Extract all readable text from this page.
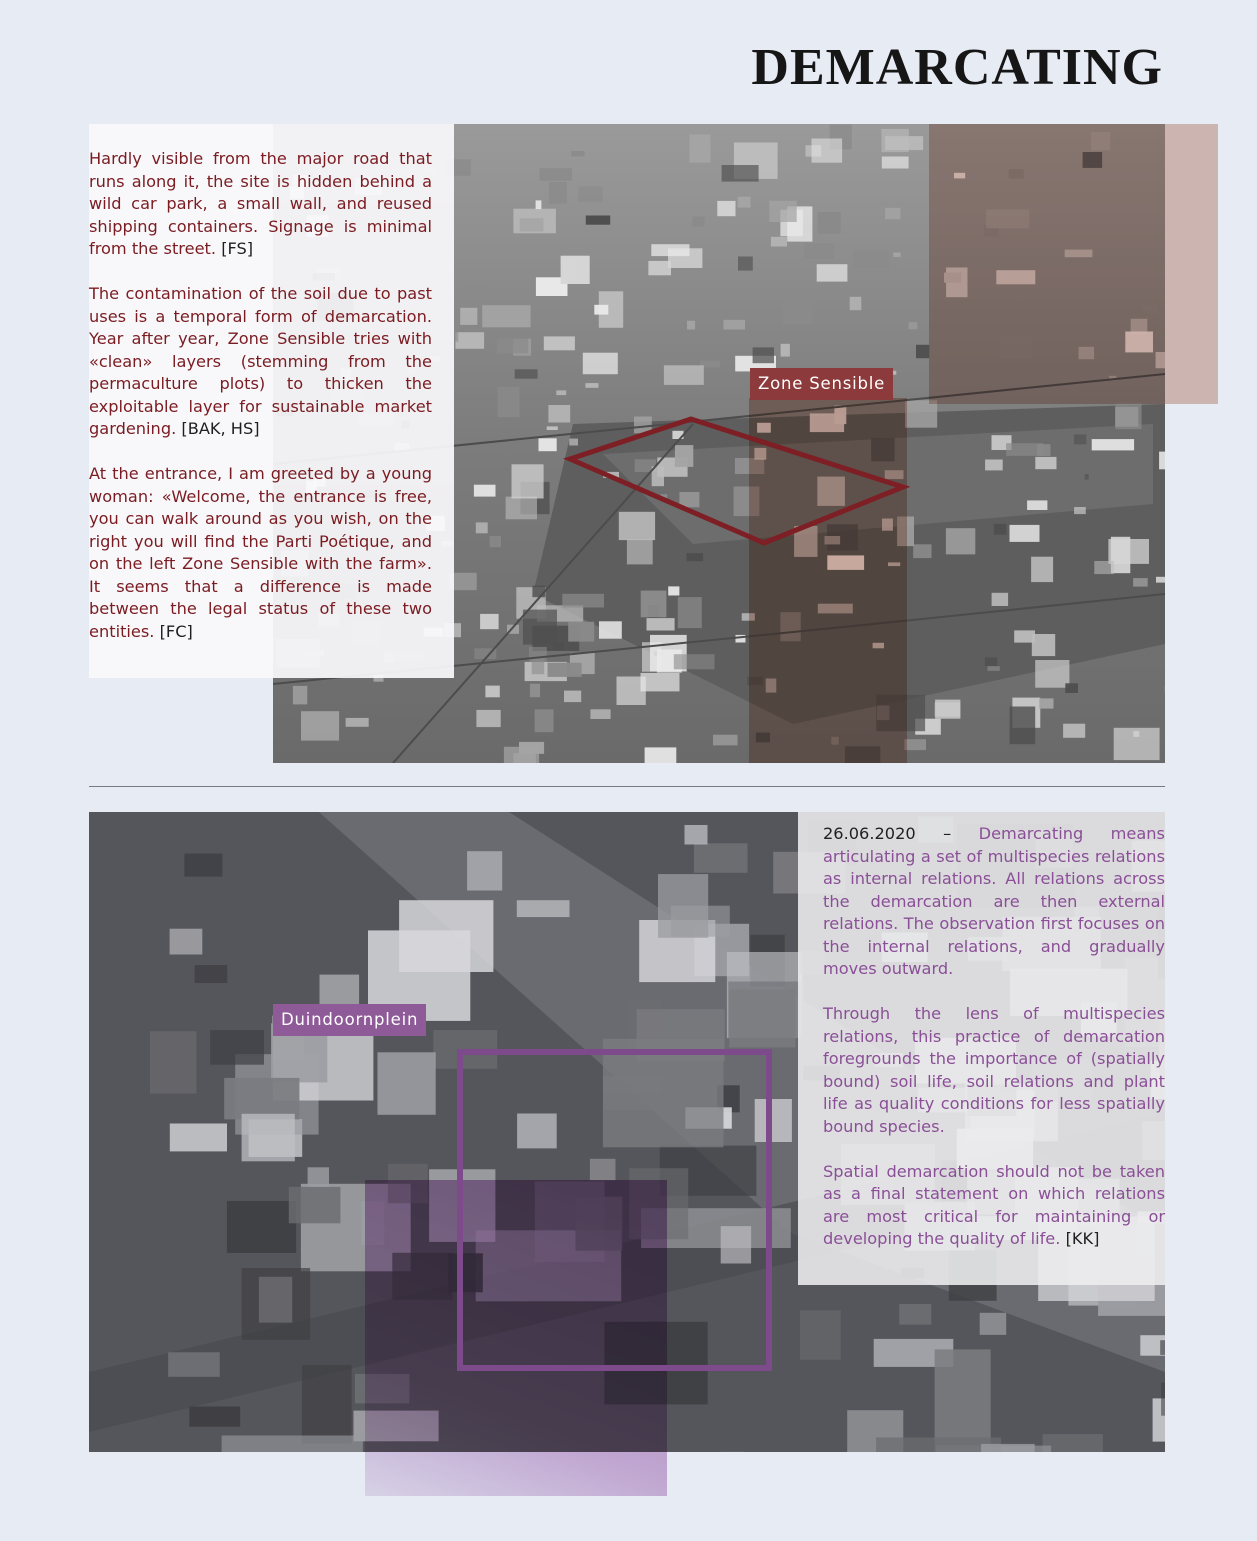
DEMARCATING
Zone Sensible

Hardly visible from the major road that runs along it, the site is hidden behind a wild car park, a small wall, and reused shipping containers. Signage is minimal from the street. [FS]

The contamination of the soil due to past uses is a temporal form of demarcation. Year after year, Zone Sensible tries with «clean» layers (stemming from the permaculture plots) to thicken the exploitable layer for sustainable market gardening. [BAK, HS]

At the entrance, I am greeted by a young woman: «Welcome, the entrance is free, you can walk around as you wish, on the right you will find the Parti Poétique, and on the left Zone Sensible with the farm». It seems that a difference is made between the legal status of these two entities. [FC]

Duindoornplein

26.06.2020 – Demarcating means articulating a set of multispecies relations as internal relations. All relations across the demarcation are then external relations. The observation first focuses on the internal relations, and gradually moves outward.

Through the lens of multispecies relations, this practice of demarcation foregrounds the importance of (spatially bound) soil life, soil relations and plant life as quality conditions for less spatially bound species.

Spatial demarcation should not be taken as a final statement on which relations are most critical for maintaining or developing the quality of life. [KK]
